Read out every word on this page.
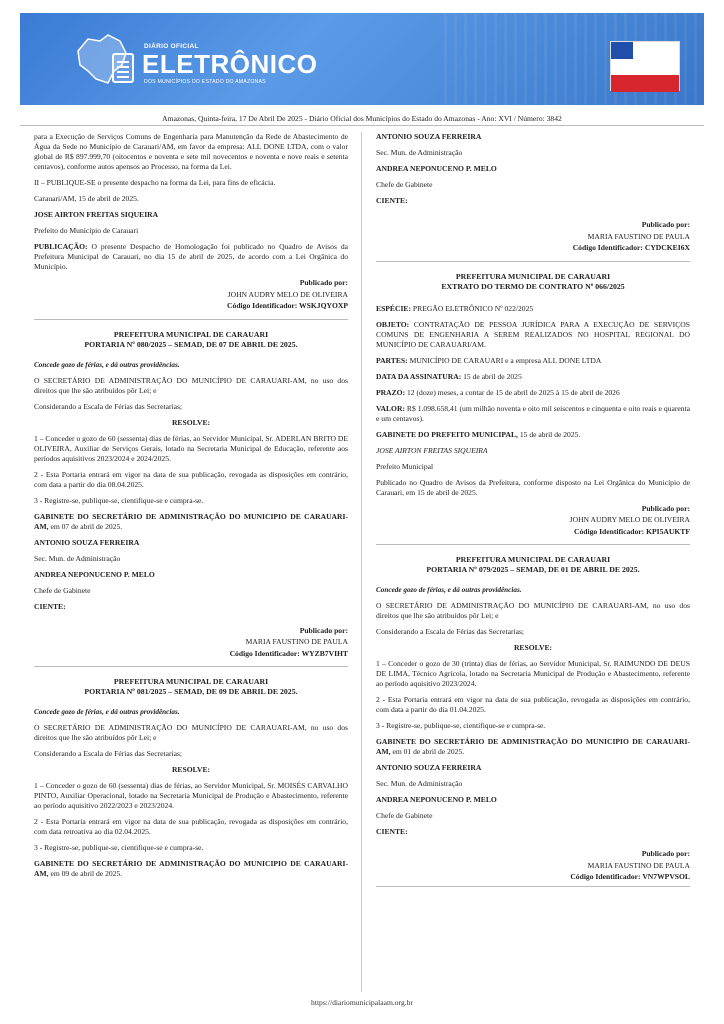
DIÁRIO OFICIAL
ELETRÔNICO
DOS MUNICÍPIOS DO ESTADO DO AMAZONAS
Amazonas, Quinta-feira, 17 De Abril De 2025 - Diário Oficial dos Municípios do Estado do Amazonas - Ano: XVI / Número: 3842
para a Execução de Serviços Comuns de Engenharia para Manutenção da Rede de Abastecimento de Água da Sede no Município de Carauari/AM, em favor da empresa: ALL DONE LTDA, com o valor global de R$ 897.999,70 (oitocentos e noventa e sete mil novecentos e noventa e nove reais e setenta centavos), conforme autos apensos ao Processo, na forma da Lei.
II – PUBLIQUE-SE o presente despacho na forma da Lei, para fins de eficácia.
Carauari/AM, 15 de abril de 2025.
JOSE AIRTON FREITAS SIQUEIRA
Prefeito do Município de Carauari
PUBLICAÇÃO: O presente Despacho de Homologação foi publicado no Quadro de Avisos da Prefeitura Municipal de Carauari, no dia 15 de abril de 2025, de acordo com a Lei Orgânica do Município.
Publicado por:
JOHN AUDRY MELO DE OLIVEIRA
Código Identificador: WSKJQYOXP
PREFEITURA MUNICIPAL DE CARAUARI
PORTARIA Nº 080/2025 – SEMAD, DE 07 DE ABRIL DE 2025.
Concede gozo de férias, e dá outras providências.
O SECRETÁRIO DE ADMINISTRAÇÃO DO MUNICÍPIO DE CARAUARI-AM, no uso dos direitos que lhe são atribuídos pôr Lei; e
Considerando a Escala de Férias das Secretarias;
RESOLVE:
1 – Conceder o gozo de 60 (sessenta) dias de férias, ao Servidor Municipal, Sr. ADERLAN BRITO DE OLIVEIRA, Auxiliar de Serviços Gerais, lotado na Secretaria Municipal de Educação, referente aos períodos aquisitivos 2023/2024 e 2024/2025.
2 - Esta Portaria entrará em vigor na data de sua publicação, revogada as disposições em contrário, com data a partir do dia 08.04.2025.
3 - Registre-se, publique-se, cientifique-se e cumpra-se.
GABINETE DO SECRETÁRIO DE ADMINISTRAÇÃO DO MUNICIPIO DE CARAUARI-AM, em 07 de abril de 2025.
ANTONIO SOUZA FERREIRA
Sec. Mun. de Administração
ANDREA NEPONUCENO P. MELO
Chefe de Gabinete
CIENTE:
Publicado por:
MARIA FAUSTINO DE PAULA
Código Identificador: WYZB7VIHT
PREFEITURA MUNICIPAL DE CARAUARI
PORTARIA Nº 081/2025 – SEMAD, DE 09 DE ABRIL DE 2025.
Concede gozo de férias, e dá outras providências.
O SECRETÁRIO DE ADMINISTRAÇÃO DO MUNICÍPIO DE CARAUARI-AM, no uso dos direitos que lhe são atribuídos pôr Lei; e
Considerando a Escala de Férias das Secretarias;
RESOLVE:
1 – Conceder o gozo de 60 (sessenta) dias de férias, ao Servidor Municipal, Sr. MOISÉS CARVALHO PINTO, Auxiliar Operacional, lotado na Secretaria Municipal de Produção e Abastecimento, referente ao período aquisitivo 2022/2023 e 2023/2024.
2 - Esta Portaria entrará em vigor na data de sua publicação, revogada as disposições em contrário, com data retroativa ao dia 02.04.2025.
3 - Registre-se, publique-se, cientifique-se e cumpra-se.
GABINETE DO SECRETÁRIO DE ADMINISTRAÇÃO DO MUNICIPIO DE CARAUARI-AM, em 09 de abril de 2025.
ANTONIO SOUZA FERREIRA
Sec. Mun. de Administração
ANDREA NEPONUCENO P. MELO
Chefe de Gabinete
CIENTE:
Publicado por:
MARIA FAUSTINO DE PAULA
Código Identificador: CYDCKEI6X
PREFEITURA MUNICIPAL DE CARAUARI
EXTRATO DO TERMO DE CONTRATO Nº 066/2025
ESPÉCIE: PREGÃO ELETRÔNICO Nº 022/2025
OBJETO: CONTRATAÇÃO DE PESSOA JURÍDICA PARA A EXECUÇÃO DE SERVIÇOS COMUNS DE ENGENHARIA A SEREM REALIZADOS NO HOSPITAL REGIONAL DO MUNICÍPIO DE CARAUARI/AM.
PARTES: MUNICÍPIO DE CARAUARI e a empresa ALL DONE LTDA
DATA DA ASSINATURA: 15 de abril de 2025
PRAZO: 12 (doze) meses, a contar de 15 de abril de 2025 à 15 de abril de 2026
VALOR: R$ 1.098.658,41 (um milhão noventa e oito mil seiscentos e cinquenta e oito reais e quarenta e um centavos).
GABINETE DO PREFEITO MUNICIPAL, 15 de abril de 2025.
JOSE AIRTON FREITAS SIQUEIRA
Prefeito Municipal
Publicado no Quadro de Avisos da Prefeitura, conforme disposto na Lei Orgânica do Município de Carauari, em 15 de abril de 2025.
Publicado por:
JOHN AUDRY MELO DE OLIVEIRA
Código Identificador: KPI5AUKTF
PREFEITURA MUNICIPAL DE CARAUARI
PORTARIA Nº 079/2025 – SEMAD, DE 01 DE ABRIL DE 2025.
Concede gozo de férias, e dá outras providências.
O SECRETÁRIO DE ADMINISTRAÇÃO DO MUNICÍPIO DE CARAUARI-AM, no uso dos direitos que lhe são atribuídos pôr Lei; e
Considerando a Escala de Férias das Secretarias;
RESOLVE:
1 – Conceder o gozo de 30 (trinta) dias de férias, ao Servidor Municipal, Sr. RAIMUNDO DE DEUS DE LIMA, Técnico Agrícola, lotado na Secretaria Municipal de Produção e Abastecimento, referente ao período aquisitivo 2023/2024.
2 - Esta Portaria entrará em vigor na data de sua publicação, revogada as disposições em contrário, com data a partir do dia 01.04.2025.
3 - Registre-se, publique-se, cientifique-se e cumpra-se.
GABINETE DO SECRETÁRIO DE ADMINISTRAÇÃO DO MUNICIPIO DE CARAUARI-AM, em 01 de abril de 2025.
ANTONIO SOUZA FERREIRA
Sec. Mun. de Administração
ANDREA NEPONUCENO P. MELO
Chefe de Gabinete
CIENTE:
Publicado por:
MARIA FAUSTINO DE PAULA
Código Identificador: VN7WPVSOL
https://diariomunicipalaam.org.br
